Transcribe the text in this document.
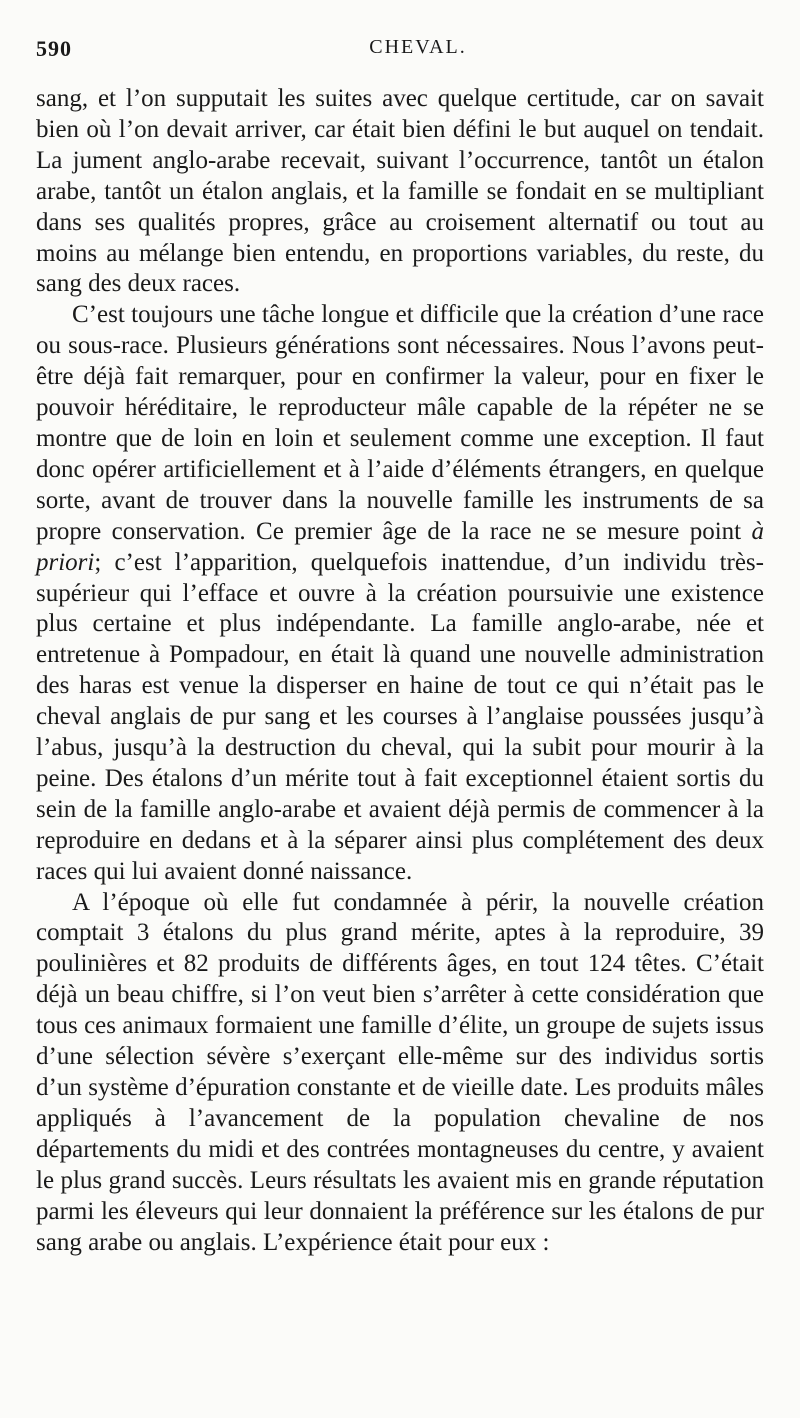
590	CHEVAL.

sang, et l’on supputait les suites avec quelque certitude, car on savait bien où l’on devait arriver, car était bien défini le but auquel on tendait. La jument anglo-arabe recevait, suivant l’occurrence, tantôt un étalon arabe, tantôt un étalon anglais, et la famille se fondait en se multipliant dans ses qualités propres, grâce au croisement alternatif ou tout au moins au mélange bien entendu, en proportions variables, du reste, du sang des deux races.

C’est toujours une tâche longue et difficile que la création d’une race ou sous-race. Plusieurs générations sont nécessaires. Nous l’avons peut-être déjà fait remarquer, pour en confirmer la valeur, pour en fixer le pouvoir héréditaire, le reproducteur mâle capable de la répéter ne se montre que de loin en loin et seulement comme une exception. Il faut donc opérer artificiellement et à l’aide d’éléments étrangers, en quelque sorte, avant de trouver dans la nouvelle famille les instruments de sa propre conservation. Ce premier âge de la race ne se mesure point à priori; c’est l’apparition, quelquefois inattendue, d’un individu très-supérieur qui l’efface et ouvre à la création poursuivie une existence plus certaine et plus indépendante. La famille anglo-arabe, née et entretenue à Pompadour, en était là quand une nouvelle administration des haras est venue la disperser en haine de tout ce qui n’était pas le cheval anglais de pur sang et les courses à l’anglaise poussées jusqu’à l’abus, jusqu’à la destruction du cheval, qui la subit pour mourir à la peine. Des étalons d’un mérite tout à fait exceptionnel étaient sortis du sein de la famille anglo-arabe et avaient déjà permis de commencer à la reproduire en dedans et à la séparer ainsi plus complétement des deux races qui lui avaient donné naissance.

A l’époque où elle fut condamnée à périr, la nouvelle création comptait 3 étalons du plus grand mérite, aptes à la reproduire, 39 poulinières et 82 produits de différents âges, en tout 124 têtes. C’était déjà un beau chiffre, si l’on veut bien s’arrêter à cette considération que tous ces animaux formaient une famille d’élite, un groupe de sujets issus d’une sélection sévère s’exerçant elle-même sur des individus sortis d’un système d’épuration constante et de vieille date. Les produits mâles appliqués à l’avancement de la population chevaline de nos départements du midi et des contrées montagneuses du centre, y avaient le plus grand succès. Leurs résultats les avaient mis en grande réputation parmi les éleveurs qui leur donnaient la préférence sur les étalons de pur sang arabe ou anglais. L’expérience était pour eux :
